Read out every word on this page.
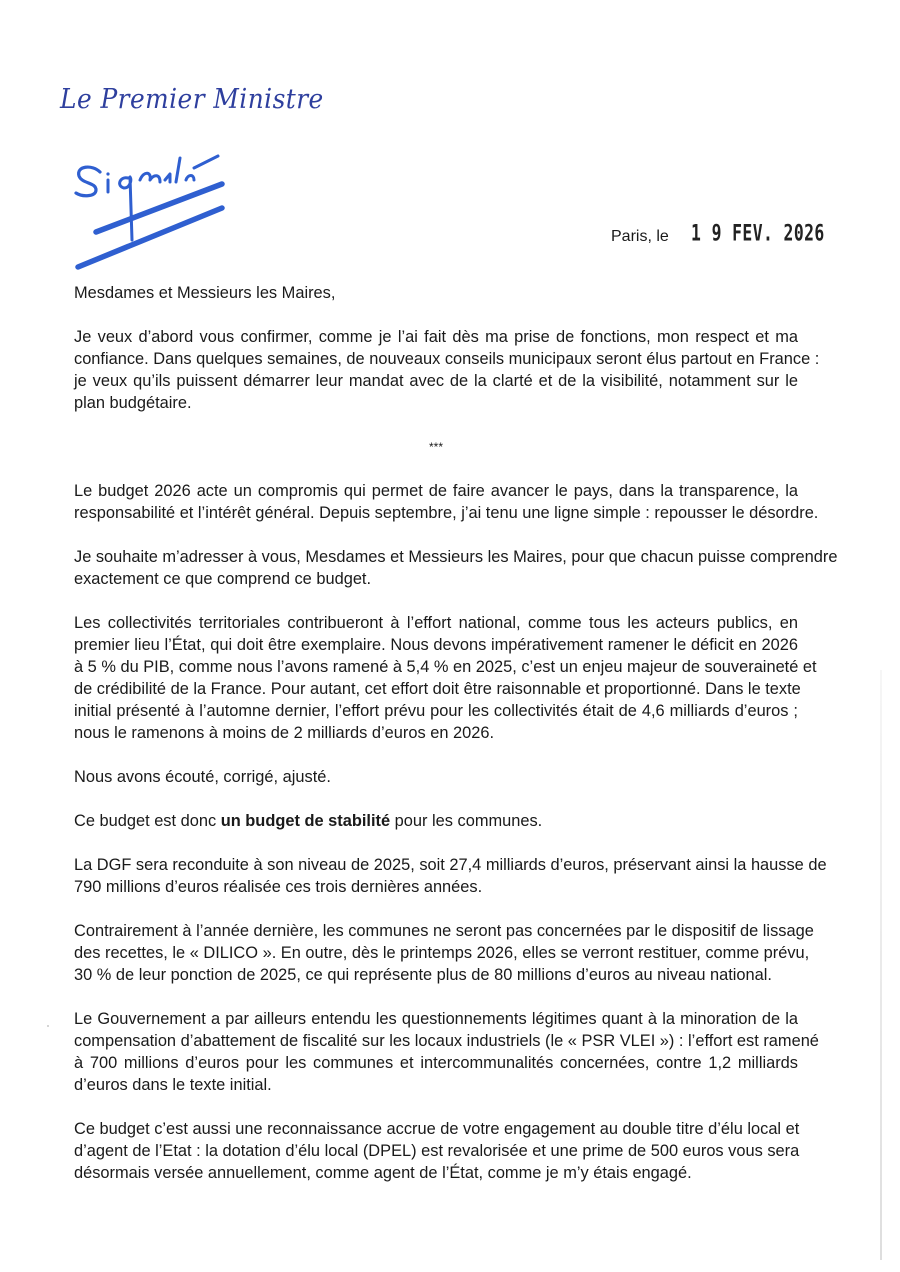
Le Premier Ministre
Paris, le 1 9 FEV. 2026
Mesdames et Messieurs les Maires,
Je veux d’abord vous confirmer, comme je l’ai fait dès ma prise de fonctions, mon respect et ma
confiance. Dans quelques semaines, de nouveaux conseils municipaux seront élus partout en France :
je veux qu’ils puissent démarrer leur mandat avec de la clarté et de la visibilité, notamment sur le
plan budgétaire.
***
Le budget 2026 acte un compromis qui permet de faire avancer le pays, dans la transparence, la
responsabilité et l’intérêt général. Depuis septembre, j’ai tenu une ligne simple : repousser le désordre.
Je souhaite m’adresser à vous, Mesdames et Messieurs les Maires, pour que chacun puisse comprendre
exactement ce que comprend ce budget.
Les collectivités territoriales contribueront à l’effort national, comme tous les acteurs publics, en
premier lieu l’État, qui doit être exemplaire. Nous devons impérativement ramener le déficit en 2026
à 5 % du PIB, comme nous l’avons ramené à 5,4 % en 2025, c’est un enjeu majeur de souveraineté et
de crédibilité de la France. Pour autant, cet effort doit être raisonnable et proportionné. Dans le texte
initial présenté à l’automne dernier, l’effort prévu pour les collectivités était de 4,6 milliards d’euros ;
nous le ramenons à moins de 2 milliards d’euros en 2026.
Nous avons écouté, corrigé, ajusté.
Ce budget est donc un budget de stabilité pour les communes.
La DGF sera reconduite à son niveau de 2025, soit 27,4 milliards d’euros, préservant ainsi la hausse de
790 millions d’euros réalisée ces trois dernières années.
Contrairement à l’année dernière, les communes ne seront pas concernées par le dispositif de lissage
des recettes, le « DILICO ». En outre, dès le printemps 2026, elles se verront restituer, comme prévu,
30 % de leur ponction de 2025, ce qui représente plus de 80 millions d’euros au niveau national.
Le Gouvernement a par ailleurs entendu les questionnements légitimes quant à la minoration de la
compensation d’abattement de fiscalité sur les locaux industriels (le « PSR VLEI ») : l’effort est ramené
à 700 millions d’euros pour les communes et intercommunalités concernées, contre 1,2 milliards
d’euros dans le texte initial.
Ce budget c’est aussi une reconnaissance accrue de votre engagement au double titre d’élu local et
d’agent de l’Etat : la dotation d’élu local (DPEL) est revalorisée et une prime de 500 euros vous sera
désormais versée annuellement, comme agent de l’État, comme je m’y étais engagé.
